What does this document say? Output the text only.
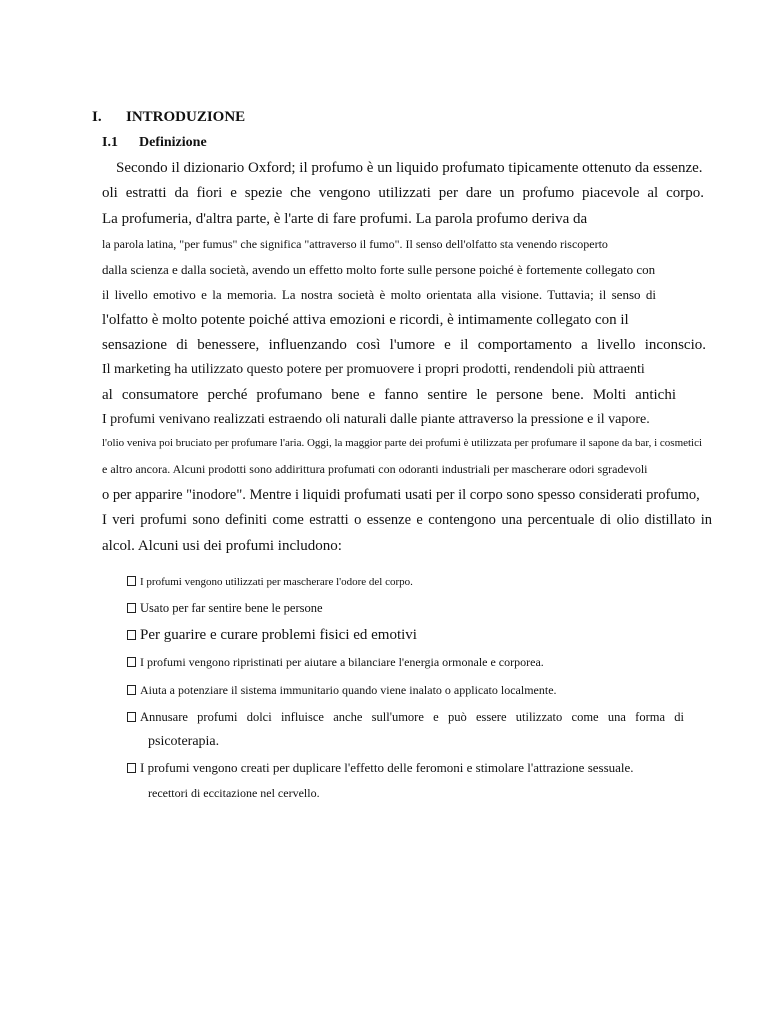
I. INTRODUZIONE
I.1 Definizione
Secondo il dizionario Oxford; il profumo è un liquido profumato tipicamente ottenuto da essenze.
oli estratti da fiori e spezie che vengono utilizzati per dare un profumo piacevole al corpo.
La profumeria, d'altra parte, è l'arte di fare profumi. La parola profumo deriva da
la parola latina, "per fumus" che significa "attraverso il fumo". Il senso dell'olfatto sta venendo riscoperto
dalla scienza e dalla società, avendo un effetto molto forte sulle persone poiché è fortemente collegato con
il livello emotivo e la memoria. La nostra società è molto orientata alla visione. Tuttavia; il senso di
l'olfatto è molto potente poiché attiva emozioni e ricordi, è intimamente collegato con il
sensazione di benessere, influenzando così l'umore e il comportamento a livello inconscio.
Il marketing ha utilizzato questo potere per promuovere i propri prodotti, rendendoli più attraenti
al consumatore perché profumano bene e fanno sentire le persone bene. Molti antichi
I profumi venivano realizzati estraendo oli naturali dalle piante attraverso la pressione e il vapore.
l'olio veniva poi bruciato per profumare l'aria. Oggi, la maggior parte dei profumi è utilizzata per profumare il sapone da bar, i cosmetici
e altro ancora. Alcuni prodotti sono addirittura profumati con odoranti industriali per mascherare odori sgradevoli
o per apparire "inodore". Mentre i liquidi profumati usati per il corpo sono spesso considerati profumo,
I veri profumi sono definiti come estratti o essenze e contengono una percentuale di olio distillato in
alcol. Alcuni usi dei profumi includono:
I profumi vengono utilizzati per mascherare l'odore del corpo.
Usato per far sentire bene le persone
Per guarire e curare problemi fisici ed emotivi
I profumi vengono ripristinati per aiutare a bilanciare l'energia ormonale e corporea.
Aiuta a potenziare il sistema immunitario quando viene inalato o applicato localmente.
Annusare profumi dolci influisce anche sull'umore e può essere utilizzato come una forma di
psicoterapia.
I profumi vengono creati per duplicare l'effetto delle feromoni e stimolare l'attrazione sessuale.
recettori di eccitazione nel cervello.
